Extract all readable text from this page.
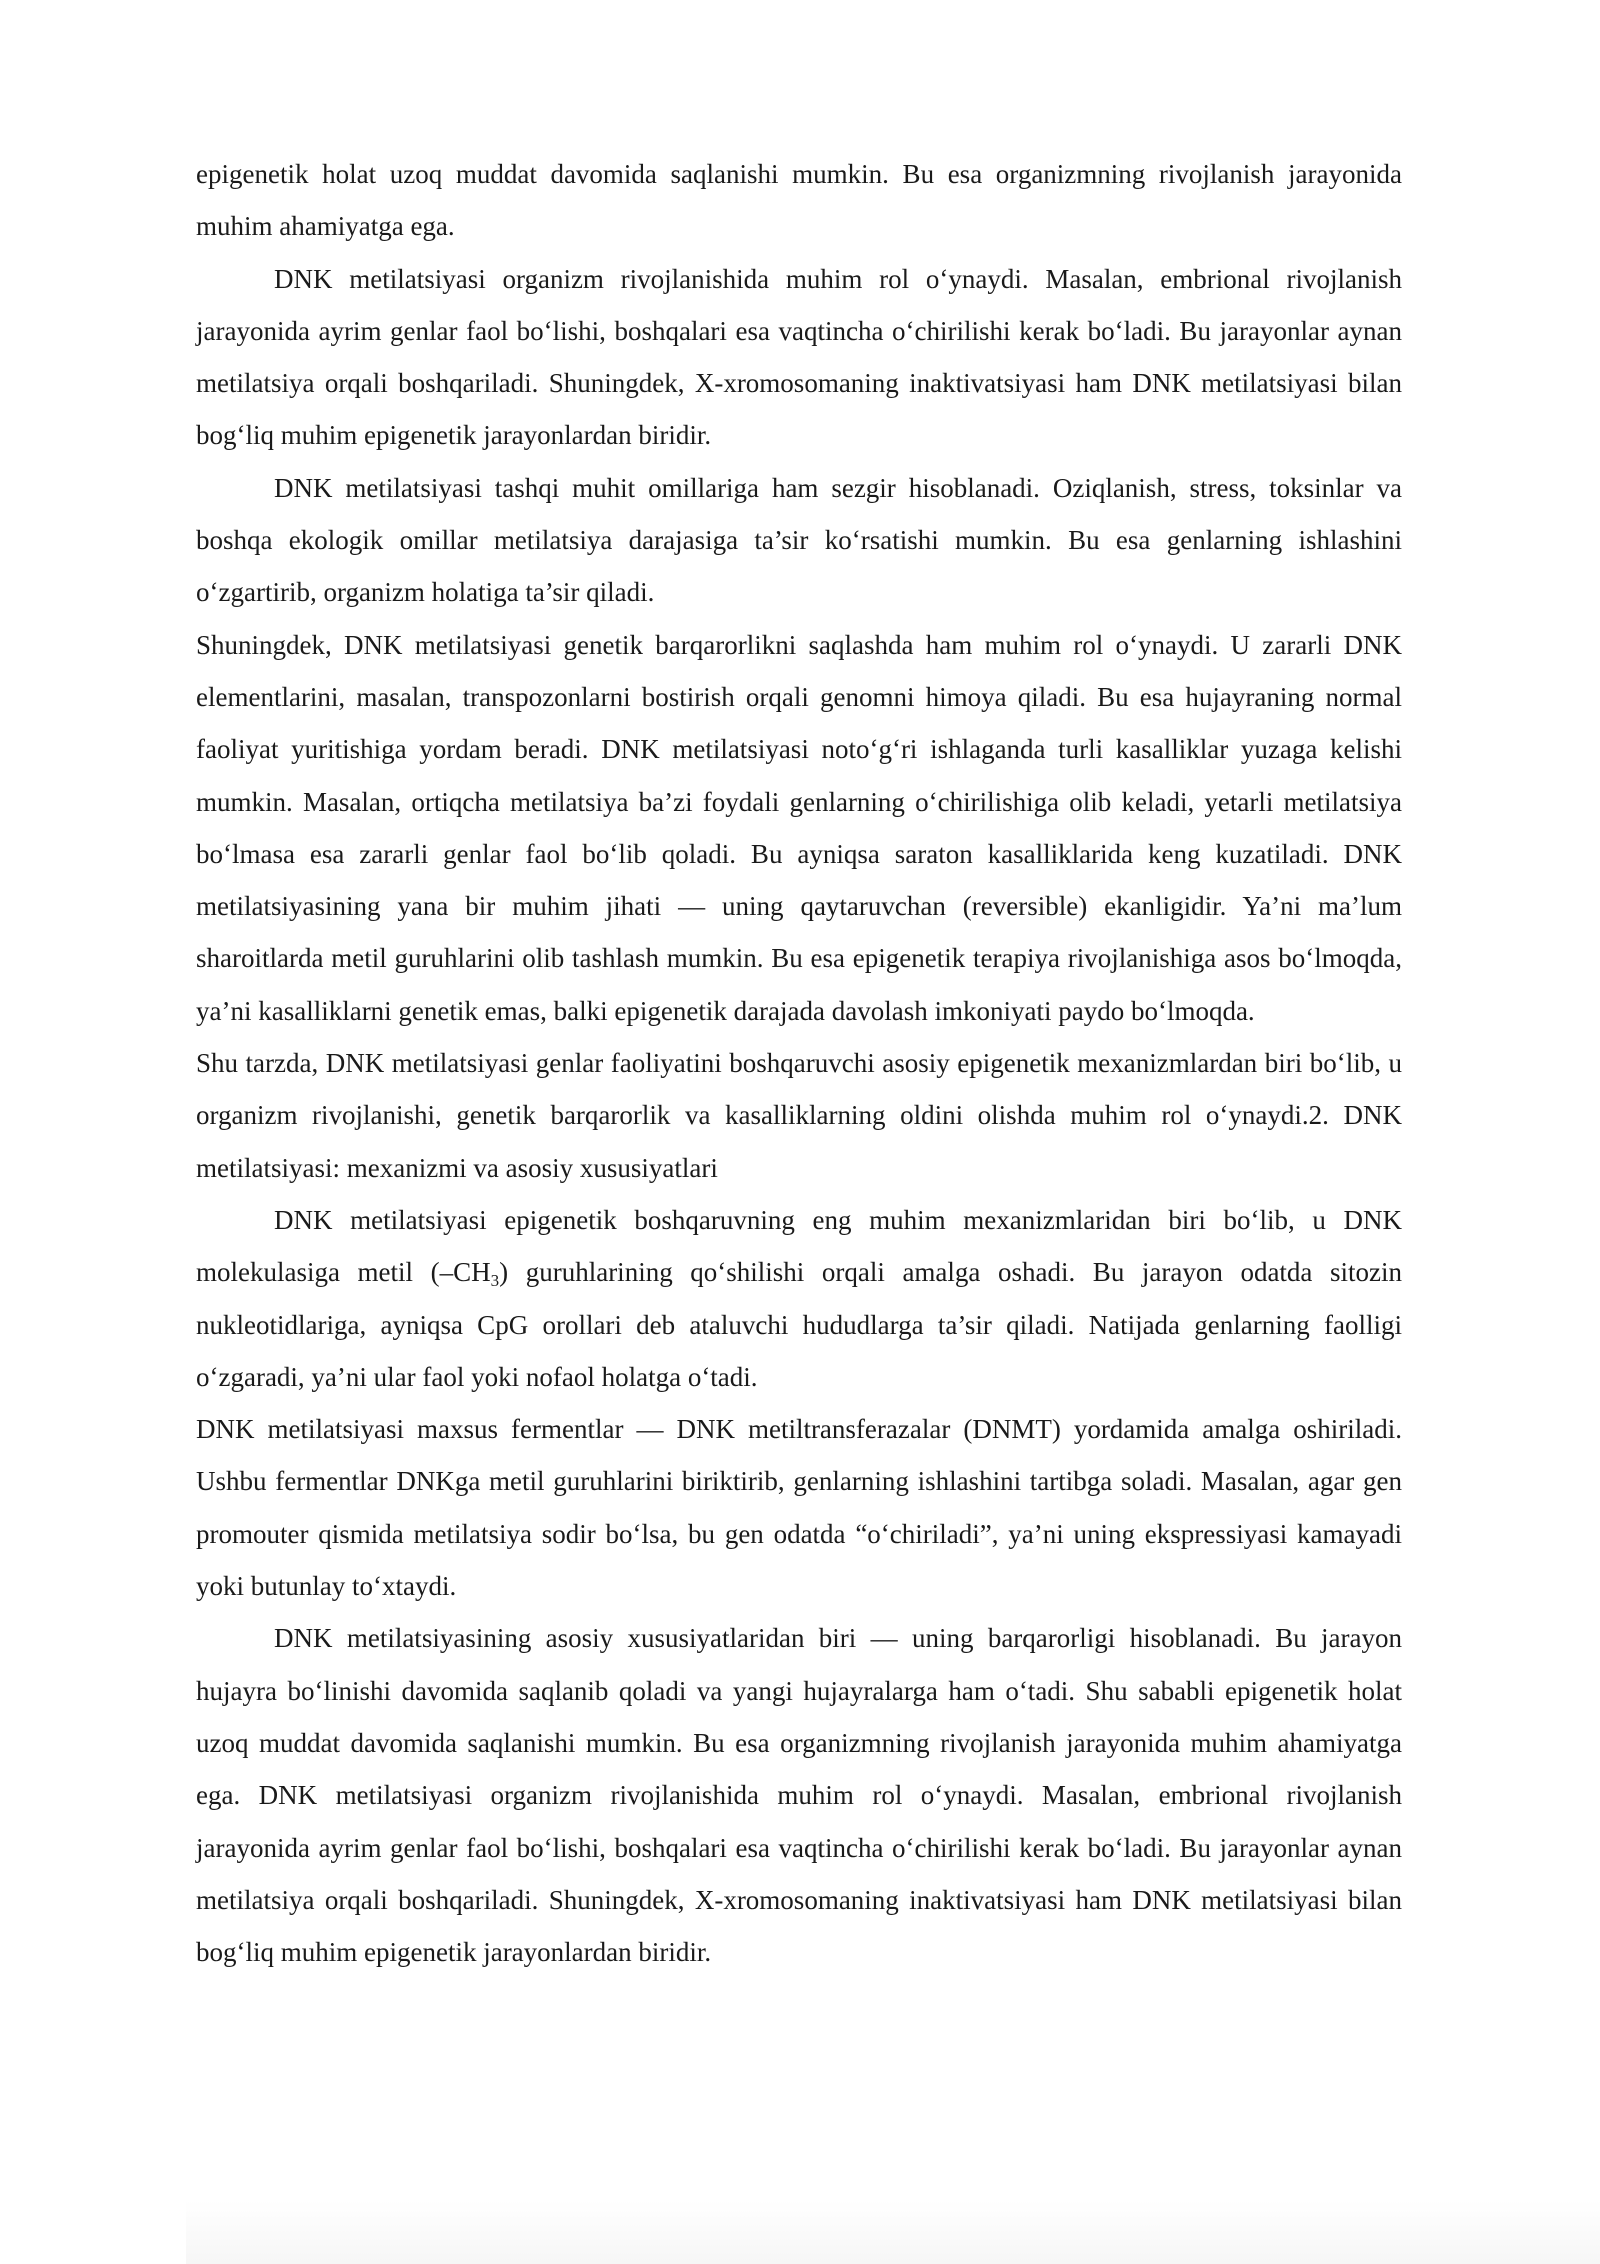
epigenetik holat uzoq muddat davomida saqlanishi mumkin. Bu esa organizmning rivojlanish jarayonida muhim ahamiyatga ega.

DNK metilatsiyasi organizm rivojlanishida muhim rol oʻynaydi. Masalan, embrional rivojlanish jarayonida ayrim genlar faol boʻlishi, boshqalari esa vaqtincha oʻchirilishi kerak boʻladi. Bu jarayonlar aynan metilatsiya orqali boshqariladi. Shuningdek, X-xromosomaning inaktivatsiyasi ham DNK metilatsiyasi bilan bogʻliq muhim epigenetik jarayonlardan biridir.

DNK metilatsiyasi tashqi muhit omillariga ham sezgir hisoblanadi. Oziqlanish, stress, toksinlar va boshqa ekologik omillar metilatsiya darajasiga ta’sir koʻrsatishi mumkin. Bu esa genlarning ishlashini oʻzgartirib, organizm holatiga ta’sir qiladi.

Shuningdek, DNK metilatsiyasi genetik barqarorlikni saqlashda ham muhim rol oʻynaydi. U zararli DNK elementlarini, masalan, transpozonlarni bostirish orqali genomni himoya qiladi. Bu esa hujayraning normal faoliyat yuritishiga yordam beradi. DNK metilatsiyasi notoʻgʻri ishlaganda turli kasalliklar yuzaga kelishi mumkin. Masalan, ortiqcha metilatsiya ba’zi foydali genlarning oʻchirilishiga olib keladi, yetarli metilatsiya boʻlmasa esa zararli genlar faol boʻlib qoladi. Bu ayniqsa saraton kasalliklarida keng kuzatiladi. DNK metilatsiyasining yana bir muhim jihati — uning qaytaruvchan (reversible) ekanligidir. Ya’ni ma’lum sharoitlarda metil guruhlarini olib tashlash mumkin. Bu esa epigenetik terapiya rivojlanishiga asos boʻlmoqda, ya’ni kasalliklarni genetik emas, balki epigenetik darajada davolash imkoniyati paydo boʻlmoqda.

Shu tarzda, DNK metilatsiyasi genlar faoliyatini boshqaruvchi asosiy epigenetik mexanizmlardan biri boʻlib, u organizm rivojlanishi, genetik barqarorlik va kasalliklarning oldini olishda muhim rol oʻynaydi.2. DNK metilatsiyasi: mexanizmi va asosiy xususiyatlari

DNK metilatsiyasi epigenetik boshqaruvning eng muhim mexanizmlaridan biri boʻlib, u DNK molekulasiga metil $(-CH_3)$ guruhlarining qoʻshilishi orqali amalga oshadi. Bu jarayon odatda sitozin nukleotidlariga, ayniqsa CpG orollari deb ataluvchi hududlarga ta’sir qiladi. Natijada genlarning faolligi oʻzgaradi, ya’ni ular faol yoki nofaol holatga oʻtadi.

DNK metilatsiyasi maxsus fermentlar — DNK metiltransferazalar (DNMT) yordamida amalga oshiriladi. Ushbu fermentlar DNKga metil guruhlarini biriktirib, genlarning ishlashini tartibga soladi. Masalan, agar gen promouter qismida metilatsiya sodir boʻlsa, bu gen odatda “oʻchiriladi”, ya’ni uning ekspressiyasi kamayadi yoki butunlay toʻxtaydi.

DNK metilatsiyasining asosiy xususiyatlaridan biri — uning barqarorligi hisoblanadi. Bu jarayon hujayra boʻlinishi davomida saqlanib qoladi va yangi hujayralarga ham oʻtadi. Shu sababli epigenetik holat uzoq muddat davomida saqlanishi mumkin. Bu esa organizmning rivojlanish jarayonida muhim ahamiyatga ega. DNK metilatsiyasi organizm rivojlanishida muhim rol oʻynaydi. Masalan, embrional rivojlanish jarayonida ayrim genlar faol boʻlishi, boshqalari esa vaqtincha oʻchirilishi kerak boʻladi. Bu jarayonlar aynan metilatsiya orqali boshqariladi. Shuningdek, X-xromosomaning inaktivatsiyasi ham DNK metilatsiyasi bilan bogʻliq muhim epigenetik jarayonlardan biridir.
